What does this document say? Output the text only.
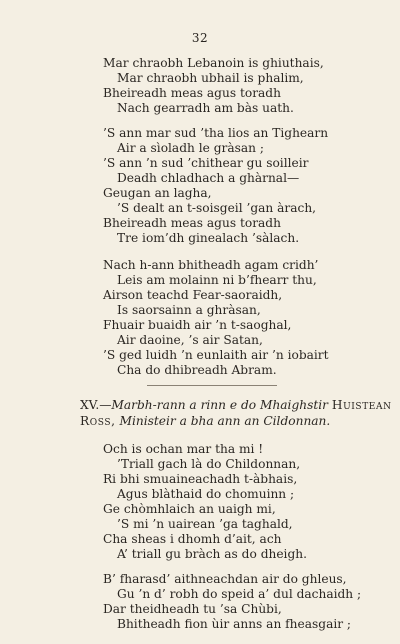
32
Mar chraobh Lebanoin is ghiuthais,
Mar chraobh ubhail is phalim,
Bheireadh meas agus toradh
Nach gearradh am bàs uath.
’S ann mar sud ’tha lios an Tighearn
Air a sìoladh le gràsan ;
’S ann ’n sud ’chithear gu soilleir
Deadh chladhach a ghàrnal—
Geugan an lagha,
’S dealt an t-soisgeil ’gan àrach,
Bheireadh meas agus toradh
Tre iom’dh ginealach ’sàlach.
Nach h-ann bhitheadh agam cridh’
Leis am molainn ni b’fhearr thu,
Airson teachd Fear-saoraidh,
Is saorsainn a ghràsan,
Fhuair buaidh air ’n t-saoghal,
Air daoine, ’s air Satan,
’S ged luidh ’n eunlaith air ’n iobairt
Cha do dhibreadh Abram.
XV.—Marbh-rann a rinn e do Mhaighstir Huistean
Ross, Ministeir a bha ann an Cildonnan.
Och is ochan mar tha mi !
’Triall gach là do Childonnan,
Ri bhi smuaineachadh t-àbhais,
Agus blàthaid do chomuinn ;
Ge chòmhlaich an uaigh mi,
’S mi ’n uairean ’ga taghald,
Cha sheas i dhomh d’ait, ach
A’ triall gu bràch as do dheigh.
B’ fharasd’ aithneachdan air do ghleus,
Gu ’n d’ robh do speid a’ dul dachaidh ;
Dar theidheadh tu ’sa Chùbi,
Bhitheadh fion ùir anns an fheasgair ;
